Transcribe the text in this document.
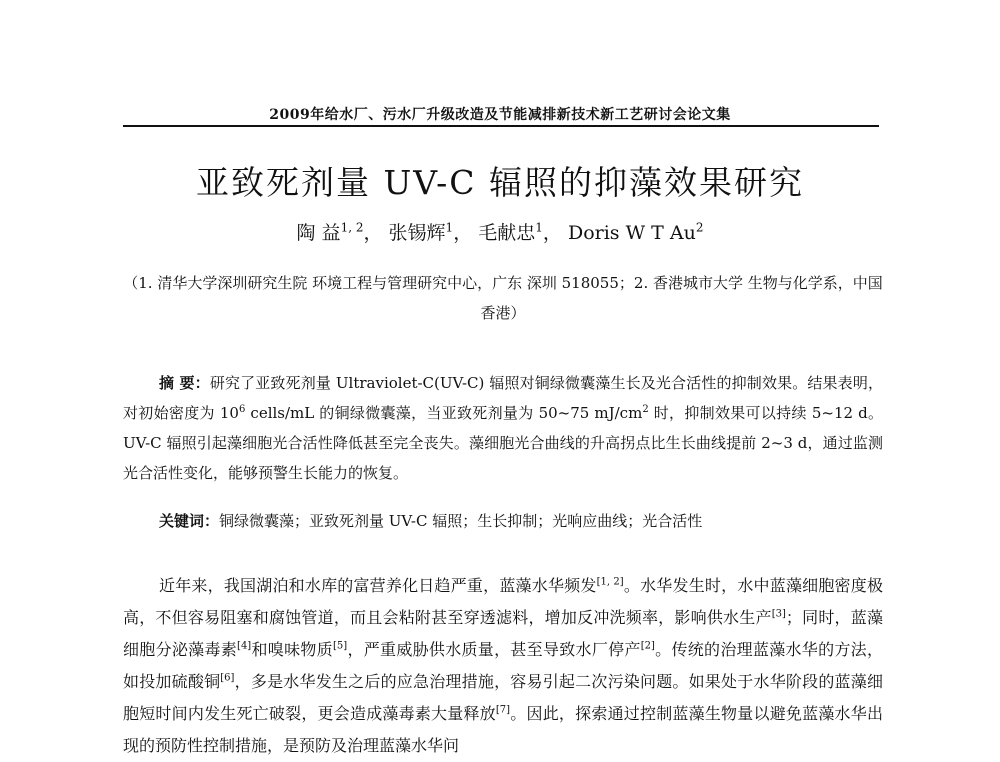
2009年给水厂、污水厂升级改造及节能减排新技术新工艺研讨会论文集
亚致死剂量 UV-C 辐照的抑藻效果研究
陶 益$^{1, 2}$， 张锡辉$^1$， 毛献忠$^1$， Doris W T Au$^2$
（1. 清华大学深圳研究生院 环境工程与管理研究中心，广东 深圳 518055；2. 香港城市大学 生物与化学系，中国 香港）

摘 要：研究了亚致死剂量 Ultraviolet-C(UV-C) 辐照对铜绿微囊藻生长及光合活性的抑制效果。结果表明，对初始密度为 $10^6$ cells/mL 的铜绿微囊藻，当亚致死剂量为 50~75 $mJ/cm^2$ 时，抑制效果可以持续 5~12 d。UV-C 辐照引起藻细胞光合活性降低甚至完全丧失。藻细胞光合曲线的升高拐点比生长曲线提前 2~3 d，通过监测光合活性变化，能够预警生长能力的恢复。

关键词：铜绿微囊藻；亚致死剂量 UV-C 辐照；生长抑制；光响应曲线；光合活性

近年来，我国湖泊和水库的富营养化日趋严重，蓝藻水华频发[1, 2]。水华发生时，水中蓝藻细胞密度极高，不但容易阻塞和腐蚀管道，而且会粘附甚至穿透滤料，增加反冲洗频率，影响供水生产[3]；同时，蓝藻细胞分泌藻毒素[4]和嗅味物质[5]，严重威胁供水质量，甚至导致水厂停产[2]。传统的治理蓝藻水华的方法，如投加硫酸铜[6]，多是水华发生之后的应急治理措施，容易引起二次污染问题。如果处于水华阶段的蓝藻细胞短时间内发生死亡破裂，更会造成藻毒素大量释放[7]。因此，探索通过控制蓝藻生物量以避免蓝藻水华出现的预防性控制措施，是预防及治理蓝藻水华问
